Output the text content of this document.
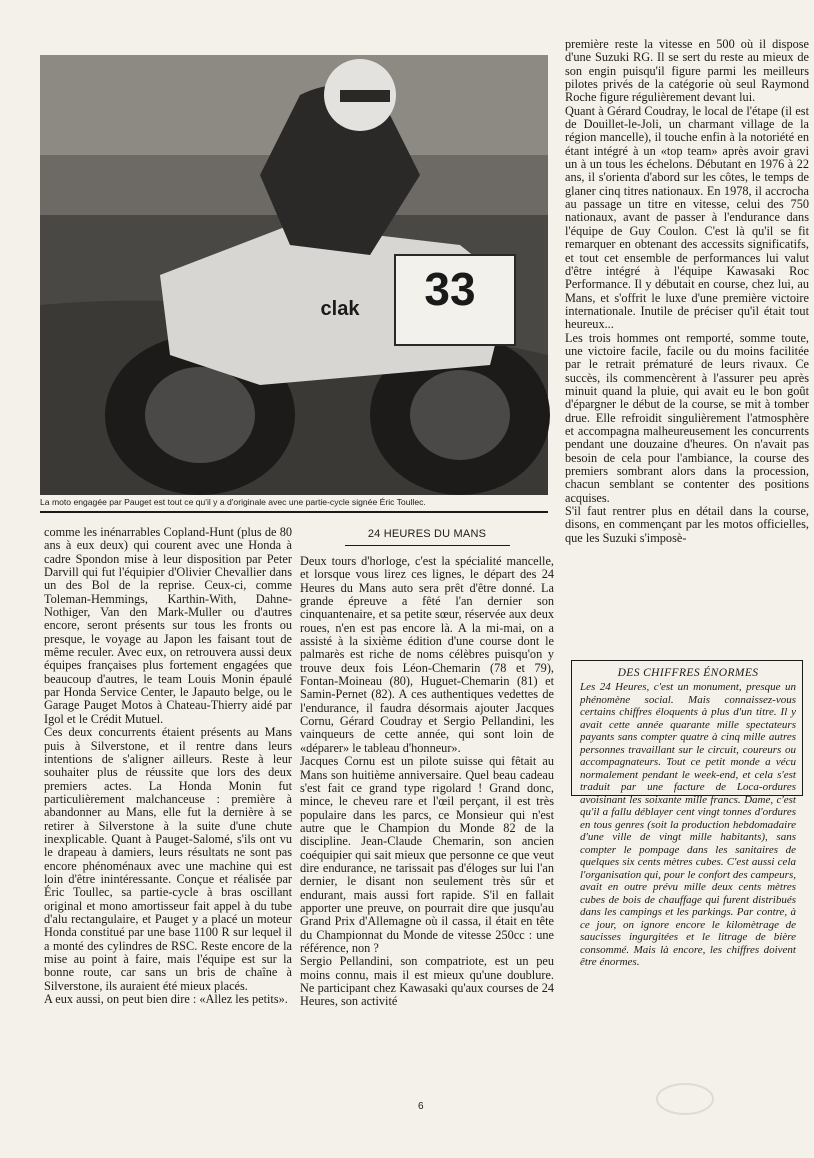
33
clak
La moto engagée par Pauget est tout ce qu'il y a d'originale avec une partie-cycle signée Éric Toullec.
comme les inénarrables Copland-Hunt (plus de 80 ans à eux deux) qui courent avec une Honda à cadre Spondon mise à leur disposition par Peter Darvill qui fut l'équipier d'Olivier Chevallier dans un des Bol de la reprise. Ceux-ci, comme Toleman-Hemmings, Karthin-With, Dahne-Nothiger, Van den Mark-Muller ou d'autres encore, seront présents sur tous les fronts ou presque, le voyage au Japon les faisant tout de même reculer. Avec eux, on retrouvera aussi deux équipes françaises plus fortement engagées que beaucoup d'autres, le team Louis Monin épaulé par Honda Service Center, le Japauto belge, ou le Garage Pauget Motos à Chateau-Thierry aidé par Igol et le Crédit Mutuel.
Ces deux concurrents étaient présents au Mans puis à Silverstone, et il rentre dans leurs intentions de s'aligner ailleurs. Reste à leur souhaiter plus de réussite que lors des deux premiers actes. La Honda Monin fut particulièrement malchanceuse : première à abandonner au Mans, elle fut la dernière à se retirer à Silverstone à la suite d'une chute inexplicable. Quant à Pauget-Salomé, s'ils ont vu le drapeau à damiers, leurs résultats ne sont pas encore phénoménaux avec une machine qui est loin d'être inintéressante. Conçue et réalisée par Éric Toullec, sa partie-cycle à bras oscillant original et mono amortisseur fait appel à du tube d'alu rectangulaire, et Pauget y a placé un moteur Honda constitué par une base 1100 R sur lequel il a monté des cylindres de RSC. Reste encore de la mise au point à faire, mais l'équipe est sur la bonne route, car sans un bris de chaîne à Silverstone, ils auraient été mieux placés.
A eux aussi, on peut bien dire : «Allez les petits».
24 HEURES DU MANS
Deux tours d'horloge, c'est la spécialité mancelle, et lorsque vous lirez ces lignes, le départ des 24 Heures du Mans auto sera prêt d'être donné. La grande épreuve a fêté l'an dernier son cinquantenaire, et sa petite sœur, réservée aux deux roues, n'en est pas encore là. A la mi-mai, on a assisté à la sixième édition d'une course dont le palmarès est riche de noms célèbres puisqu'on y trouve deux fois Léon-Chemarin (78 et 79), Fontan-Moineau (80), Huguet-Chemarin (81) et Samin-Pernet (82). A ces authentiques vedettes de l'endurance, il faudra désormais ajouter Jacques Cornu, Gérard Coudray et Sergio Pellandini, les vainqueurs de cette année, qui sont loin de «déparer» le tableau d'honneur».
Jacques Cornu est un pilote suisse qui fêtait au Mans son huitième anniversaire. Quel beau cadeau s'est fait ce grand type rigolard ! Grand donc, mince, le cheveu rare et l'œil perçant, il est très populaire dans les parcs, ce Monsieur qui n'est autre que le Champion du Monde 82 de la discipline. Jean-Claude Chemarin, son ancien coéquipier qui sait mieux que personne ce que veut dire endurance, ne tarissait pas d'éloges sur lui l'an dernier, le disant non seulement très sûr et endurant, mais aussi fort rapide. S'il en fallait apporter une preuve, on pourrait dire que jusqu'au Grand Prix d'Allemagne où il cassa, il était en tête du Championnat du Monde de vitesse 250cc : une référence, non ?
Sergio Pellandini, son compatriote, est un peu moins connu, mais il est mieux qu'une doublure. Ne participant chez Kawasaki qu'aux courses de 24 Heures, son activité
première reste la vitesse en 500 où il dispose d'une Suzuki RG. Il se sert du reste au mieux de son engin puisqu'il figure parmi les meilleurs pilotes privés de la catégorie où seul Raymond Roche figure régulièrement devant lui.
Quant à Gérard Coudray, le local de l'étape (il est de Douillet-le-Joli, un charmant village de la région mancelle), il touche enfin à la notoriété en étant intégré à un «top team» après avoir gravi un à un tous les échelons. Débutant en 1976 à 22 ans, il s'orienta d'abord sur les côtes, le temps de glaner cinq titres nationaux. En 1978, il accrocha au passage un titre en vitesse, celui des 750 nationaux, avant de passer à l'endurance dans l'équipe de Guy Coulon. C'est là qu'il se fit remarquer en obtenant des accessits significatifs, et tout cet ensemble de performances lui valut d'être intégré à l'équipe Kawasaki Roc Performance. Il y débutait en course, chez lui, au Mans, et s'offrit le luxe d'une première victoire internationale. Inutile de préciser qu'il était tout heureux...
Les trois hommes ont remporté, somme toute, une victoire facile, facile ou du moins facilitée par le retrait prématuré de leurs rivaux. Ce succès, ils commencèrent à l'assurer peu après minuit quand la pluie, qui avait eu le bon goût d'épargner le début de la course, se mit à tomber drue. Elle refroidit singulièrement l'atmosphère et accompagna malheureusement les concurrents pendant une douzaine d'heures. On n'avait pas besoin de cela pour l'ambiance, la course des premiers sombrant alors dans la procession, chacun semblant se contenter des positions acquises.
S'il faut rentrer plus en détail dans la course, disons, en commençant par les motos officielles, que les Suzuki s'imposè-
DES CHIFFRES ÉNORMES
Les 24 Heures, c'est un monument, presque un phénomène social. Mais connaissez-vous certains chiffres éloquents à plus d'un titre. Il y avait cette année quarante mille spectateurs payants sans compter quatre à cinq mille autres personnes travaillant sur le circuit, coureurs ou accompagnateurs. Tout ce petit monde a vécu normalement pendant le week-end, et cela s'est traduit par une facture de Loca-ordures avoisinant les soixante mille francs. Dame, c'est qu'il a fallu déblayer cent vingt tonnes d'ordures en tous genres (soit la production hebdomadaire d'une ville de vingt mille habitants), sans compter le pompage dans les sanitaires de quelques six cents mètres cubes. C'est aussi cela l'organisation qui, pour le confort des campeurs, avait en outre prévu mille deux cents mètres cubes de bois de chauffage qui furent distribués dans les campings et les parkings. Par contre, à ce jour, on ignore encore le kilomètrage de saucisses ingurgitées et le litrage de bière consommé. Mais là encore, les chiffres doivent être énormes.
6
